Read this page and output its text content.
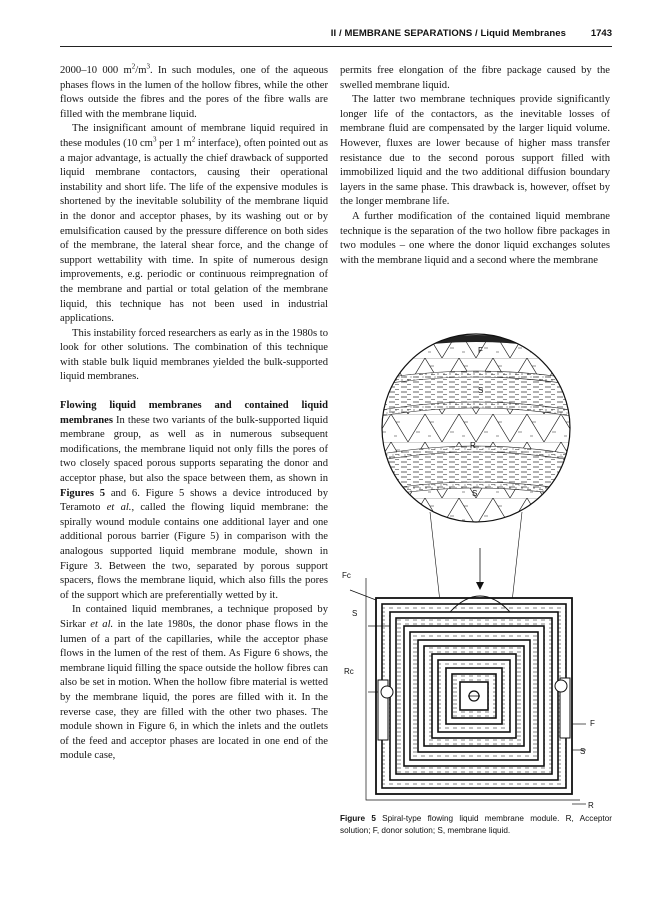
II / MEMBRANE SEPARATIONS / Liquid Membranes	1743

2000–10 000 $m^2/m^3$. In such modules, one of the aqueous phases flows in the lumen of the hollow fibres, while the other flows outside the fibres and the pores of the fibre walls are filled with the membrane liquid.

The insignificant amount of membrane liquid required in these modules (10 $cm^3$ per 1 $m^2$ interface), often pointed out as a major advantage, is actually the chief drawback of supported liquid membrane contactors, causing their operational instability and short life. The life of the expensive modules is shortened by the inevitable solubility of the membrane liquid in the donor and acceptor phases, by its washing out or by emulsification caused by the pressure difference on both sides of the membrane, the lateral shear force, and the change of support wettability with time. In spite of numerous design improvements, e.g. periodic or continuous reimpregnation of the membrane and partial or total gelation of the membrane liquid, this technique has not been used in industrial applications.

This instability forced researchers as early as in the 1980s to look for other solutions. The combination of this technique with stable bulk liquid membranes yielded the bulk-supported liquid membranes.

Flowing liquid membranes and contained liquid membranes In these two variants of the bulk-supported liquid membrane group, as well as in numerous subsequent modifications, the membrane liquid not only fills the pores of two closely spaced porous supports separating the donor and acceptor phase, but also the space between them, as shown in Figures 5 and 6. Figure 5 shows a device introduced by Teramoto et al., called the flowing liquid membrane: the spirally wound module contains one additional layer and one additional porous barrier (Figure 5) in comparison with the analogous supported liquid membrane module, shown in Figure 3. Between the two, separated by porous support spacers, flows the membrane liquid, which also fills the pores of the support which are preferentially wetted by it.

In contained liquid membranes, a technique proposed by Sirkar et al. in the late 1980s, the donor phase flows in the lumen of a part of the capillaries, while the acceptor phase flows in the lumen of the rest of them. As Figure 6 shows, the membrane liquid filling the space outside the hollow fibres can also be set in motion. When the hollow fibre material is wetted by the membrane liquid, the pores are filled with it. In the reverse case, they are filled with the other two phases. The module shown in Figure 6, in which the inlets and the outlets of the feed and acceptor phases are located in one end of the module case,

permits free elongation of the fibre package caused by the swelled membrane liquid.

The latter two membrane techniques provide significantly longer life of the contactors, as the inevitable losses of membrane fluid are compensated by the larger liquid volume. However, fluxes are lower because of higher mass transfer resistance due to the second porous support filled with immobilized liquid and the two additional diffusion boundary layers in the same phase. This drawback is, however, offset by the longer membrane life.

A further modification of the contained liquid membrane technique is the separation of the two hollow fibre packages in two modules – one where the donor liquid exchanges solutes with the membrane liquid and a second where the membrane

F
S
R
S
Fc
S
Rc
F
S
R
Figure 5 Spiral-type flowing liquid membrane module. R, Acceptor solution; F, donor solution; S, membrane liquid.
